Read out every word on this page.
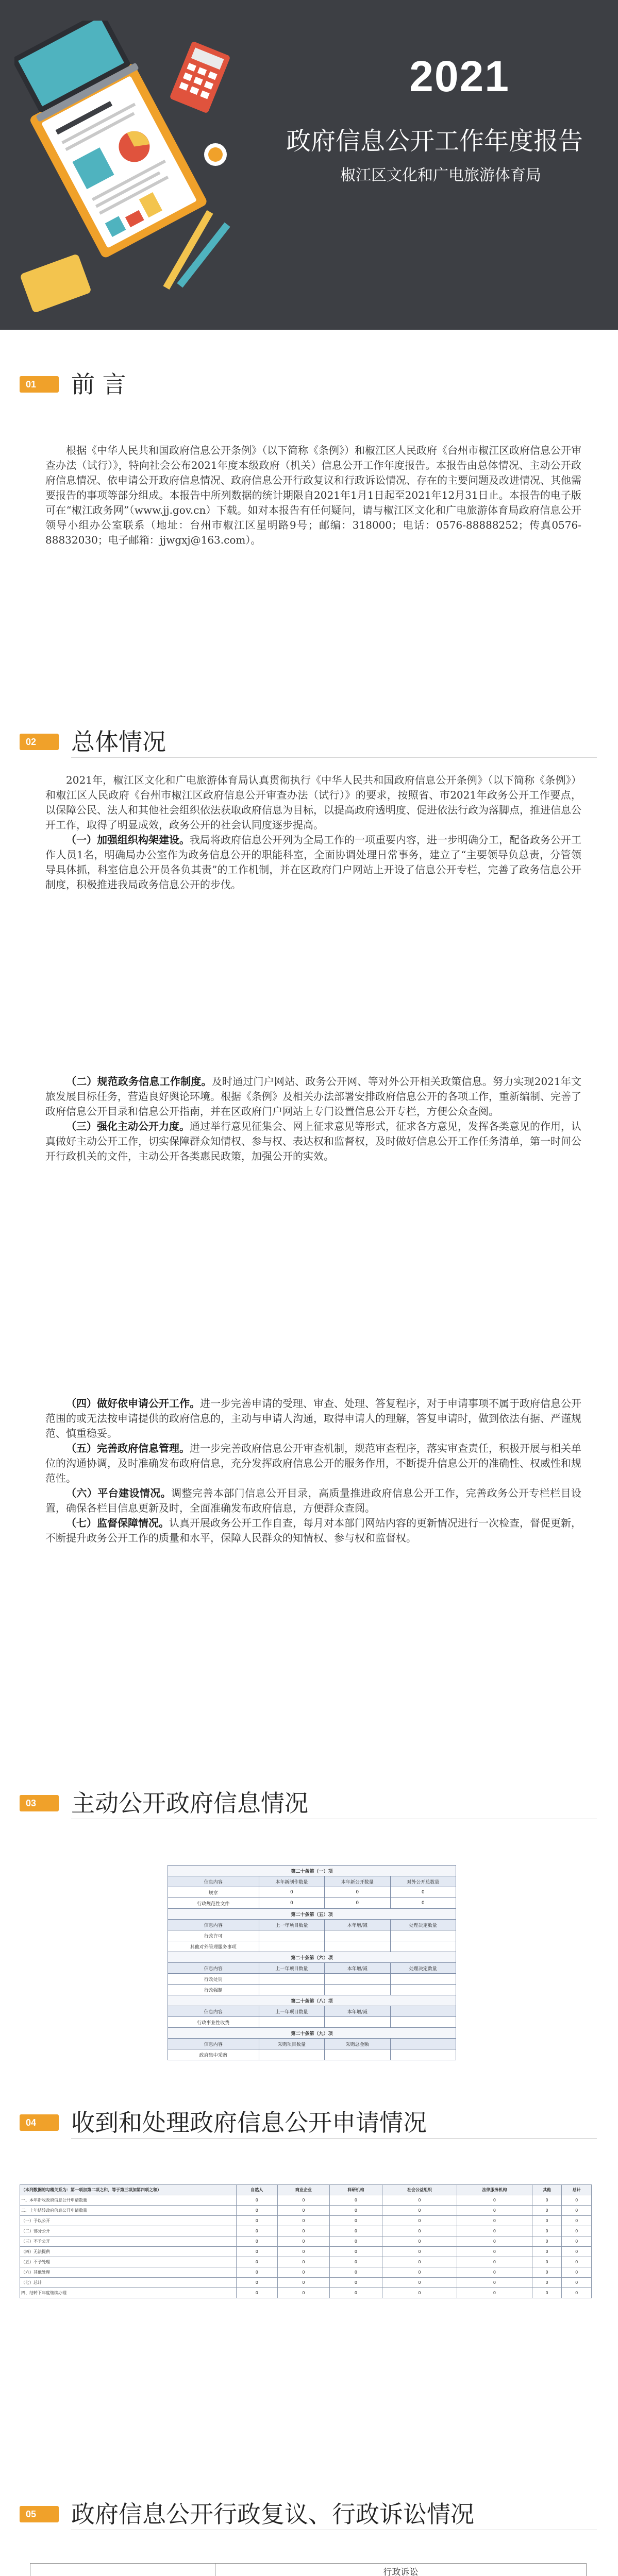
2021
政府信息公开工作年度报告
椒江区文化和广电旅游体育局
01	前 言

根据《中华人民共和国政府信息公开条例》（以下简称《条例》）和椒江区人民政府《台州市椒江区政府信息公开审查办法（试行）》，特向社会公布2021年度本级政府（机关）信息公开工作年度报告。本报告由总体情况、主动公开政府信息情况、依申请公开政府信息情况、政府信息公开行政复议和行政诉讼情况、存在的主要问题及改进情况、其他需要报告的事项等部分组成。本报告中所列数据的统计期限自2021年1月1日起至2021年12月31日止。本报告的电子版可在“椒江政务网”（www.jj.gov.cn）下载。如对本报告有任何疑问，请与椒江区文化和广电旅游体育局政府信息公开领导小组办公室联系（地址：台州市椒江区星明路9号；邮编：318000；电话：0576-88888252；传真0576-88832030；电子邮箱：jjwgxj@163.com）。

02	总体情况

2021年，椒江区文化和广电旅游体育局认真贯彻执行《中华人民共和国政府信息公开条例》（以下简称《条例》）和椒江区人民政府《台州市椒江区政府信息公开审查办法（试行）》的要求，按照省、市2021年政务公开工作要点，以保障公民、法人和其他社会组织依法获取政府信息为目标，以提高政府透明度、促进依法行政为落脚点，推进信息公开工作，取得了明显成效，政务公开的社会认同度逐步提高。

（一）加强组织构架建设。我局将政府信息公开列为全局工作的一项重要内容，进一步明确分工，配备政务公开工作人员1名，明确局办公室作为政务信息公开的职能科室，全面协调处理日常事务，建立了“主要领导负总责，分管领导具体抓，科室信息公开员各负其责”的工作机制，并在区政府门户网站上开设了信息公开专栏，完善了政务信息公开制度，积极推进我局政务信息公开的步伐。

（二）规范政务信息工作制度。及时通过门户网站、政务公开网、等对外公开相关政策信息。努力实现2021年文旅发展目标任务，营造良好舆论环境。根据《条例》及相关办法部署安排政府信息公开的各项工作，重新编制、完善了政府信息公开目录和信息公开指南，并在区政府门户网站上专门设置信息公开专栏，方便公众查阅。

（三）强化主动公开力度。通过举行意见征集会、网上征求意见等形式，征求各方意见，发挥各类意见的作用，认真做好主动公开工作，切实保障群众知情权、参与权、表达权和监督权，及时做好信息公开工作任务清单，第一时间公开行政机关的文件，主动公开各类惠民政策，加强公开的实效。

（四）做好依申请公开工作。进一步完善申请的受理、审查、处理、答复程序，对于申请事项不属于政府信息公开范围的或无法按申请提供的政府信息的，主动与申请人沟通，取得申请人的理解，答复申请时，做到依法有据、严谨规范、慎重稳妥。

（五）完善政府信息管理。进一步完善政府信息公开审查机制，规范审查程序，落实审查责任，积极开展与相关单位的沟通协调，及时准确发布政府信息，充分发挥政府信息公开的服务作用，不断提升信息公开的准确性、权威性和规范性。

（六）平台建设情况。调整完善本部门信息公开目录，高质量推进政府信息公开工作，完善政务公开专栏栏目设置，确保各栏目信息更新及时，全面准确发布政府信息，方便群众查阅。

（七）监督保障情况。认真开展政务公开工作自查，每月对本部门网站内容的更新情况进行一次检查，督促更新，不断提升政务公开工作的质量和水平，保障人民群众的知情权、参与权和监督权。

03	主动公开政府信息情况
第二十条第（一）项			
信息内容	本年新制作数量	本年新公开数量	对外公开总数量
规章	0	0	0
行政规范性文件	0	0	0
第二十条第（五）项			
信息内容	上一年项目数量	本年增/减	处理决定数量
行政许可			
其他对外管理服务事项			
第二十条第（六）项			
信息内容	上一年项目数量	本年增/减	处理决定数量
行政处罚			
行政强制			
第二十条第（八）项			
信息内容	上一年项目数量	本年增/减	
行政事业性收费			
第二十条第（九）项			
信息内容	采购项目数量	采购总金额	
政府集中采购			
04	收到和处理政府信息公开申请情况
（本列数据的勾稽关系为：第一项加第二项之和，等于第三项加第四项之和）	自然人	商业企业	科研机构	社会公益组织	法律服务机构	其他	总计
一、本年新收政府信息公开申请数量	0	0	0	0	0	0	0
二、上年结转政府信息公开申请数量	0	0	0	0	0	0	0
（一）予以公开	0	0	0	0	0	0	0
（二）部分公开	0	0	0	0	0	0	0
（三）不予公开	0	0	0	0	0	0	0
（四）无法提供	0	0	0	0	0	0	0
（五）不予处理	0	0	0	0	0	0	0
（六）其他处理	0	0	0	0	0	0	0
（七）总计	0	0	0	0	0	0	0
四、结转下年度继续办理	0	0	0	0	0	0	0
05	政府信息公开行政复议、行政诉讼情况
	行政诉讼									
